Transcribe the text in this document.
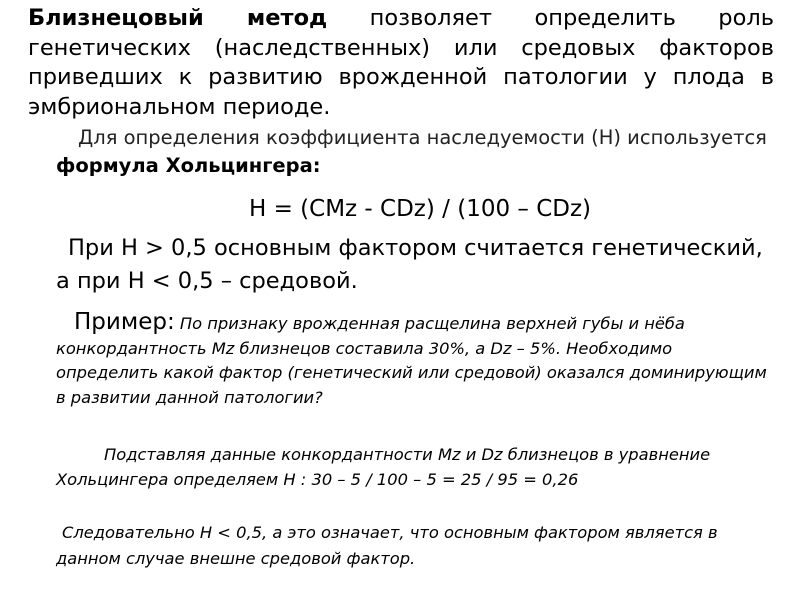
Близнецовый метод позволяет определить роль генетических (наследственных) или средовых факторов приведших к развитию врожденной патологии у плода в эмбриональном периоде.

Для определения коэффициента наследуемости (Н) используется формула Хольцингера:

Н = (СMz - СDz) / (100 – СDz)

При Н > 0,5 основным фактором считается генетический, а при Н < 0,5 – средовой.

Пример: По признаку врожденная расщелина верхней губы и нёба конкордантность Mz близнецов составила 30%, а Dz – 5%. Необходимо определить какой фактор (генетический или средовой) оказался доминирующим в развитии данной патологии?

Подставляя данные конкордантности Mz и Dz близнецов в уравнение Хольцингера определяем Н : 30 – 5 / 100 – 5 = 25 / 95 = 0,26

Следовательно Н < 0,5, а это означает, что основным фактором является в данном случае внешне средовой фактор.
